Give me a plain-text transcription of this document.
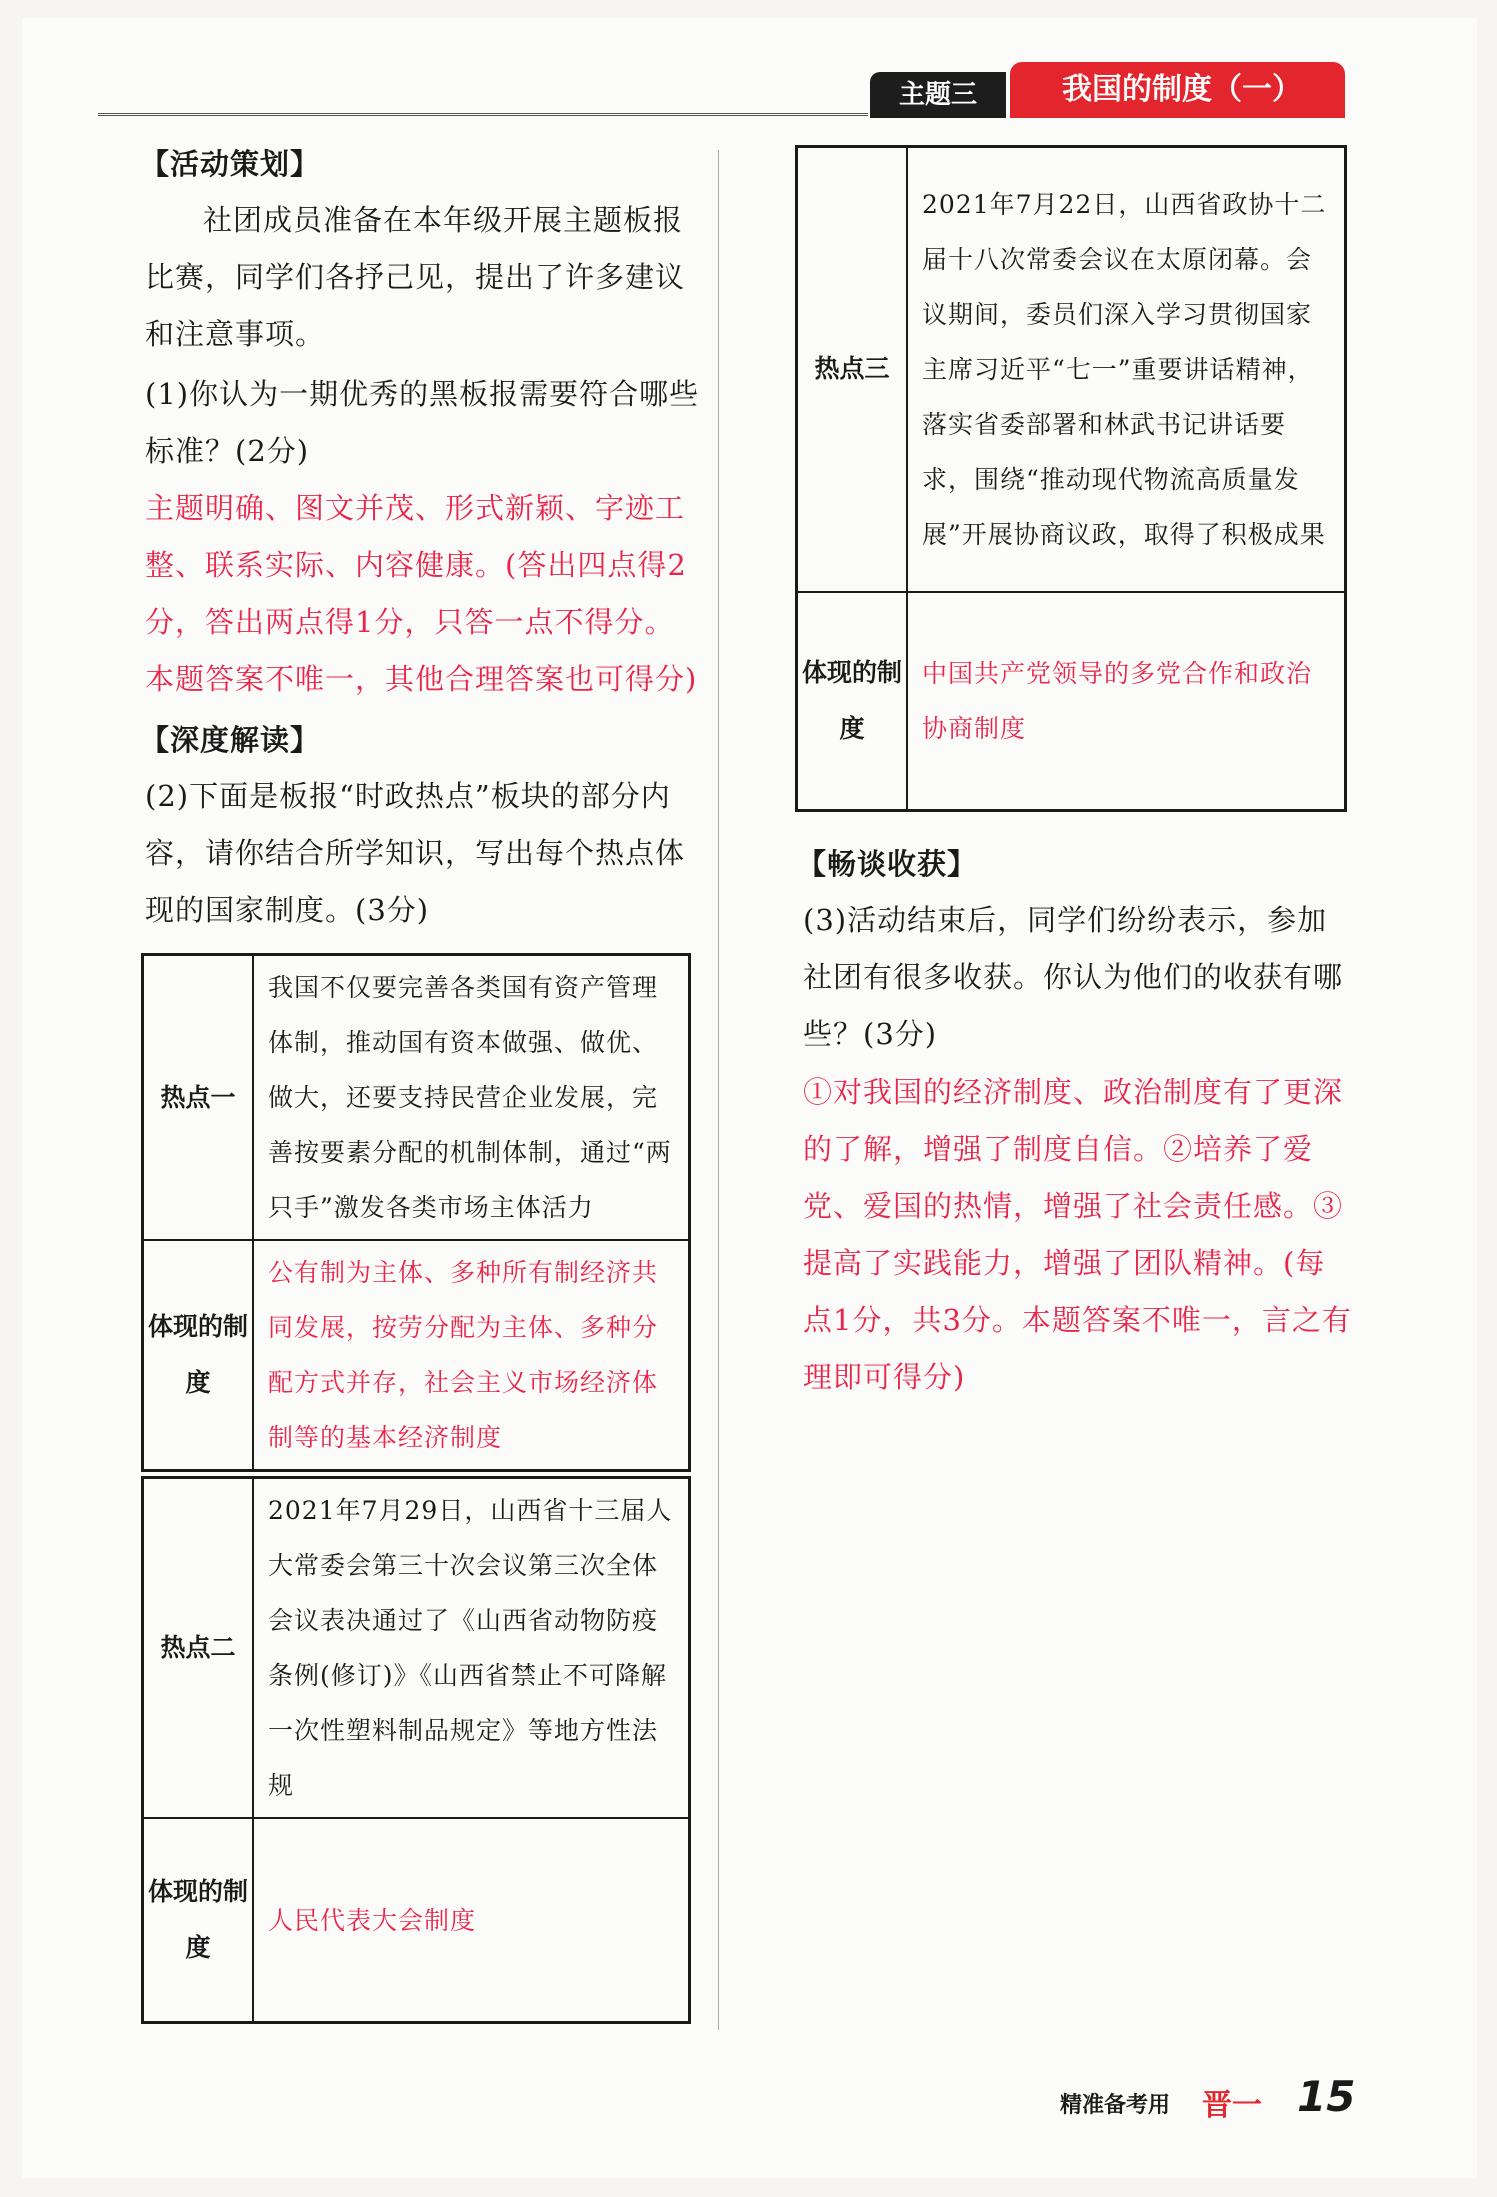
主题三	我国的制度（一）
【活动策划】
社团成员准备在本年级开展主题板报比赛，同学们各抒己见，提出了许多建议和注意事项。
(1)你认为一期优秀的黑板报需要符合哪些标准？(2分)
主题明确、图文并茂、形式新颖、字迹工整、联系实际、内容健康。(答出四点得2分，答出两点得1分，只答一点不得分。本题答案不唯一，其他合理答案也可得分)
【深度解读】
(2)下面是板报“时政热点”板块的部分内容，请你结合所学知识，写出每个热点体现的国家制度。(3分)
热点一	我国不仅要完善各类国有资产管理体制，推动国有资本做强、做优、做大，还要支持民营企业发展，完善按要素分配的机制体制，通过“两只手”激发各类市场主体活力
体现的制度	公有制为主体、多种所有制经济共同发展，按劳分配为主体、多种分配方式并存，社会主义市场经济体制等的基本经济制度
热点二	2021年7月29日，山西省十三届人大常委会第三十次会议第三次全体会议表决通过了《山西省动物防疫条例(修订)》《山西省禁止不可降解一次性塑料制品规定》等地方性法规
体现的制度	人民代表大会制度
热点三	2021年7月22日，山西省政协十二届十八次常委会议在太原闭幕。会议期间，委员们深入学习贯彻国家主席习近平“七一”重要讲话精神，落实省委部署和林武书记讲话要求，围绕“推动现代物流高质量发展”开展协商议政，取得了积极成果
体现的制度	中国共产党领导的多党合作和政治协商制度
【畅谈收获】
(3)活动结束后，同学们纷纷表示，参加社团有很多收获。你认为他们的收获有哪些？(3分)
①对我国的经济制度、政治制度有了更深的了解，增强了制度自信。②培养了爱党、爱国的热情，增强了社会责任感。③提高了实践能力，增强了团队精神。(每点1分，共3分。本题答案不唯一，言之有理即可得分)
精准备考用 晋一 15
